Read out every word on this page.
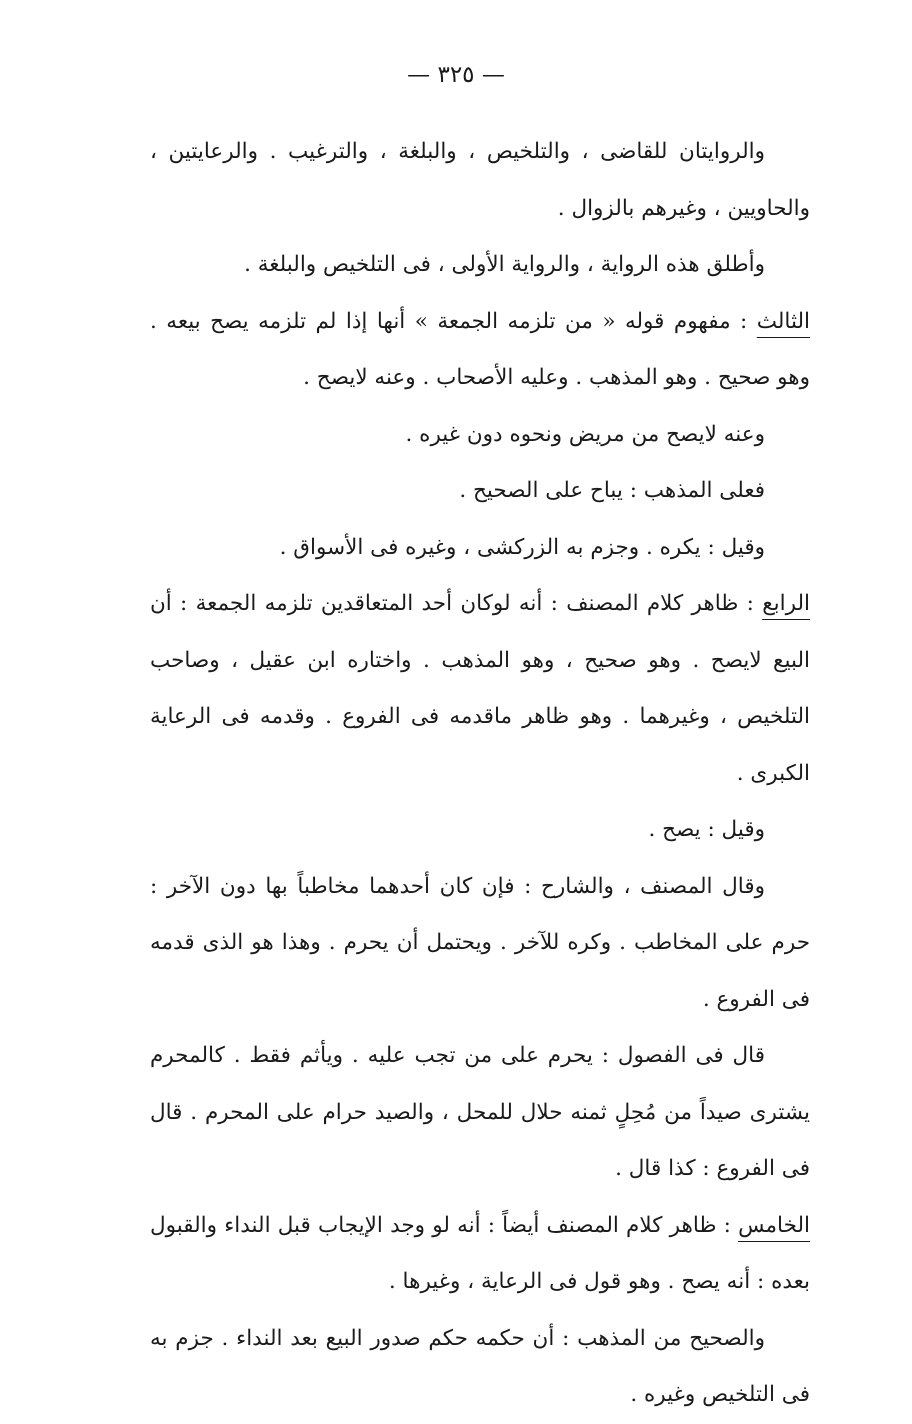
— ٣٢٥ —

والروايتان للقاضى ، والتلخيص ، والبلغة ، والترغيب . والرعايتين ، والحاويين ، وغيرهم بالزوال .

وأطلق هذه الرواية ، والرواية الأولى ، فى التلخيص والبلغة .

الثالث : مفهوم قوله « من تلزمه الجمعة » أنها إذا لم تلزمه يصح بيعه . وهو صحيح . وهو المذهب . وعليه الأصحاب . وعنه لايصح .

وعنه لايصح من مريض ونحوه دون غيره .

فعلى المذهب : يباح على الصحيح .

وقيل : يكره . وجزم به الزركشى ، وغيره فى الأسواق .

الرابع : ظاهر كلام المصنف : أنه لوكان أحد المتعاقدين تلزمه الجمعة : أن البيع لايصح . وهو صحيح ، وهو المذهب . واختاره ابن عقيل ، وصاحب التلخيص ، وغيرهما . وهو ظاهر ماقدمه فى الفروع . وقدمه فى الرعاية الكبرى .

وقيل : يصح .

وقال المصنف ، والشارح : فإن كان أحدهما مخاطباً بها دون الآخر : حرم على المخاطب . وكره للآخر . ويحتمل أن يحرم . وهذا هو الذى قدمه فى الفروع .

قال فى الفصول : يحرم على من تجب عليه . ويأثم فقط . كالمحرم يشترى صيداً من مُحِلٍ ثمنه حلال للمحل ، والصيد حرام على المحرم . قال فى الفروع : كذا قال .

الخامس : ظاهر كلام المصنف أيضاً : أنه لو وجد الإيجاب قبل النداء والقبول بعده : أنه يصح . وهو قول فى الرعاية ، وغيرها .

والصحيح من المذهب : أن حكمه حكم صدور البيع بعد النداء . جزم به فى التلخيص وغيره .
